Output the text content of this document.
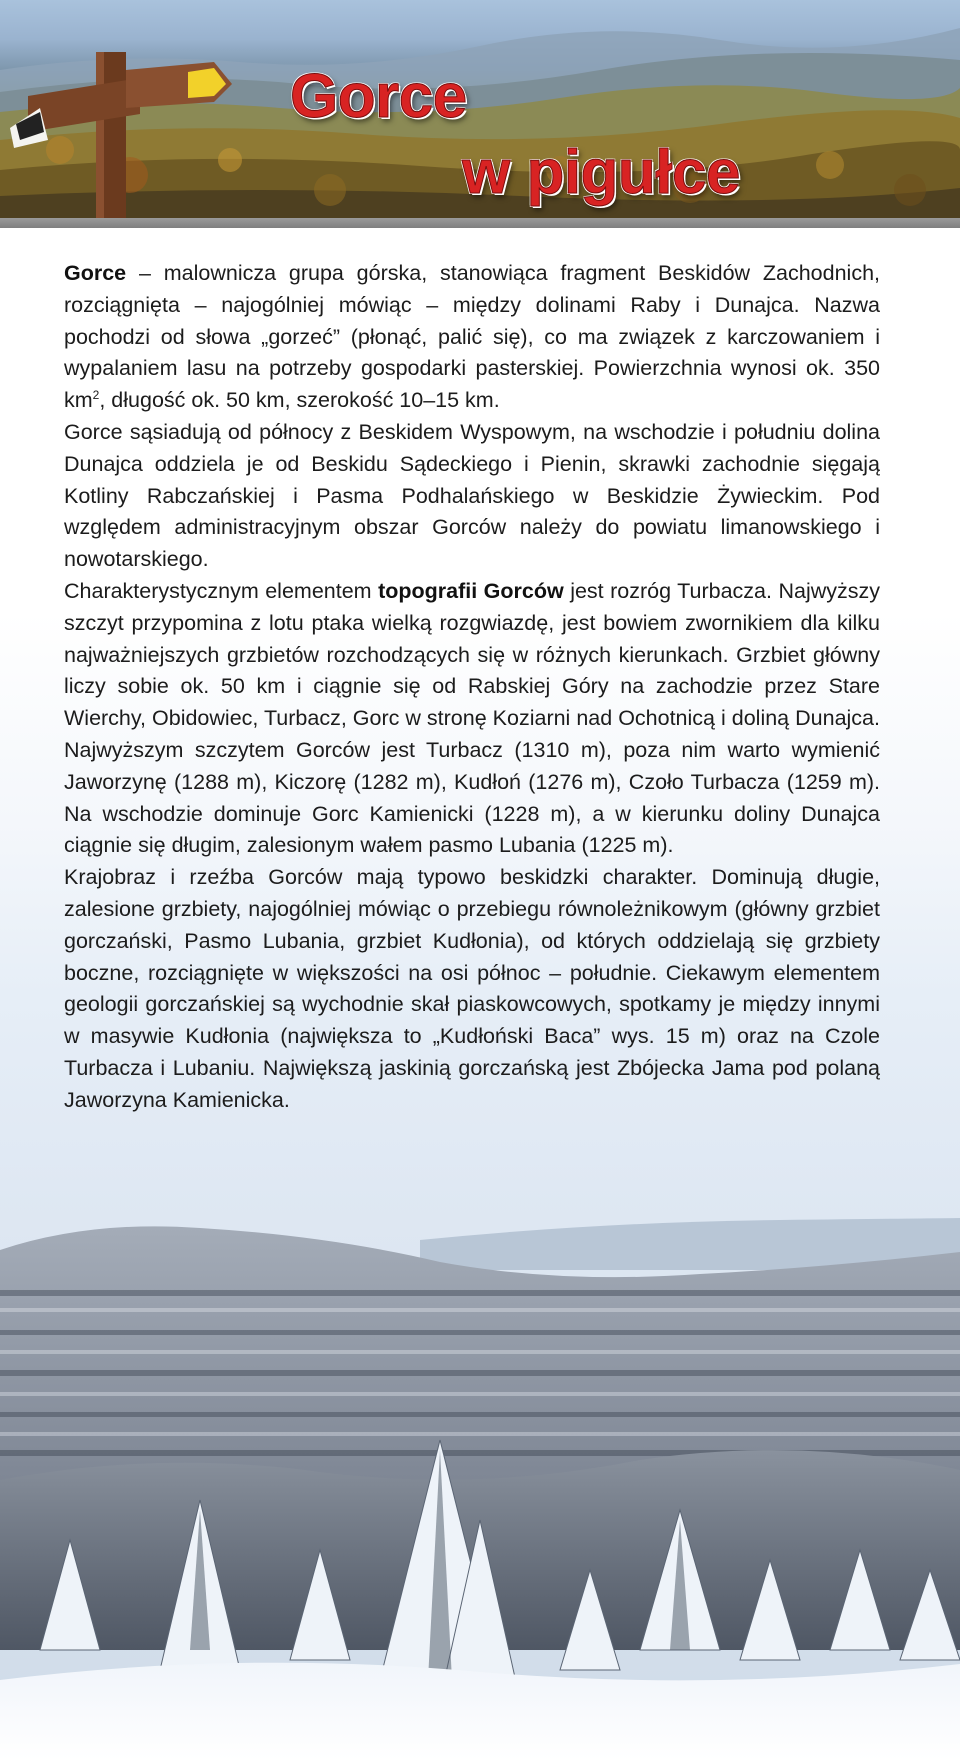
Gorce
w pigułce

Gorce – malownicza grupa górska, stanowiąca fragment Beskidów Zachodnich, rozciągnięta – najogólniej mówiąc – między dolinami Raby i Dunajca. Nazwa pochodzi od słowa „gorzeć” (płonąć, palić się), co ma związek z karczowaniem i wypalaniem lasu na potrzeby gospodarki pasterskiej. Powierzchnia wynosi ok. 350 $km^2$, długość ok. 50 km, szerokość 10–15 km.

Gorce sąsiadują od północy z Beskidem Wyspowym, na wschodzie i południu dolina Dunajca oddziela je od Beskidu Sądeckiego i Pienin, skrawki zachodnie sięgają Kotliny Rabczańskiej i Pasma Podhalańskiego w Beskidzie Żywieckim. Pod względem administracyjnym obszar Gorców należy do powiatu limanowskiego i nowotarskiego.

Charakterystycznym elementem topografii Gorców jest rozróg Turbacza. Najwyższy szczyt przypomina z lotu ptaka wielką rozgwiazdę, jest bowiem zwornikiem dla kilku najważniejszych grzbietów rozchodzących się w różnych kierunkach. Grzbiet główny liczy sobie ok. 50 km i ciągnie się od Rabskiej Góry na zachodzie przez Stare Wierchy, Obidowiec, Turbacz, Gorc w stronę Koziarni nad Ochotnicą i doliną Dunajca. Najwyższym szczytem Gorców jest Turbacz (1310 m), poza nim warto wymienić Jaworzynę (1288 m), Kiczorę (1282 m), Kudłoń (1276 m), Czoło Turbacza (1259 m). Na wschodzie dominuje Gorc Kamienicki (1228 m), a w kierunku doliny Dunajca ciągnie się długim, zalesionym wałem pasmo Lubania (1225 m).

Krajobraz i rzeźba Gorców mają typowo beskidzki charakter. Dominują długie, zalesione grzbiety, najogólniej mówiąc o przebiegu równoleżnikowym (główny grzbiet gorczański, Pasmo Lubania, grzbiet Kudłonia), od których oddzielają się grzbiety boczne, rozciągnięte w większości na osi północ – południe. Ciekawym elementem geologii gorczańskiej są wychodnie skał piaskowcowych, spotkamy je między innymi w masywie Kudłonia (największa to „Kudłoński Baca” wys. 15 m) oraz na Czole Turbacza i Lubaniu. Największą jaskinią gorczańską jest Zbójecka Jama pod polaną Jaworzyna Kamienicka.
